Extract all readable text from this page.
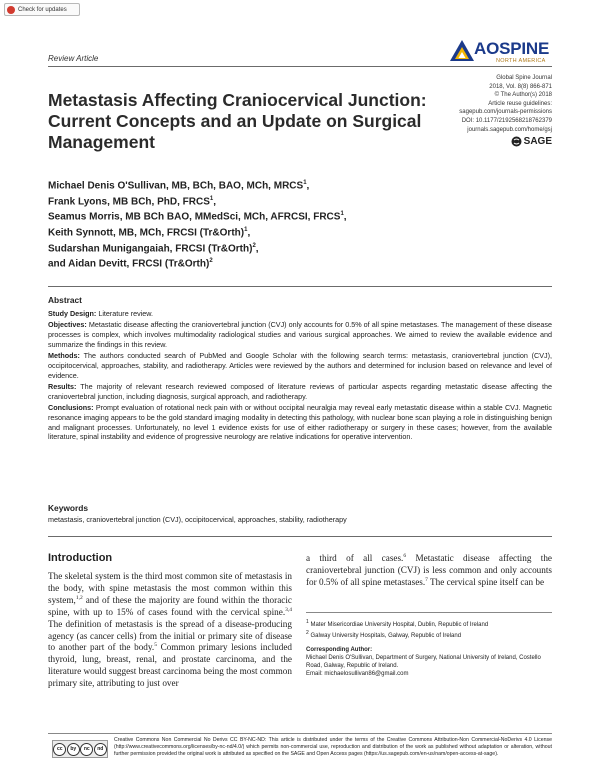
Check for updates
Review Article
AOSPINE
NORTH AMERICA
Global Spine Journal
2018, Vol. 8(8) 866-871
© The Author(s) 2018
Article reuse guidelines:
sagepub.com/journals-permissions
DOI: 10.1177/2192568218762379
journals.sagepub.com/home/gsj
SAGE
Metastasis Affecting Craniocervical Junction: Current Concepts and an Update on Surgical Management
Michael Denis O'Sullivan, MB, BCh, BAO, MCh, MRCS$^1$,
Frank Lyons, MB BCh, PhD, FRCS$^1$,
Seamus Morris, MB BCh BAO, MMedSci, MCh, AFRCSI, FRCS$^1$,
Keith Synnott, MB, MCh, FRCSI (Tr&Orth)$^1$,
Sudarshan Munigangaiah, FRCSI (Tr&Orth)$^2$,
and Aidan Devitt, FRCSI (Tr&Orth)$^2$
Abstract

Study Design: Literature review.

Objectives: Metastatic disease affecting the craniovertebral junction (CVJ) only accounts for 0.5% of all spine metastases. The management of these disease processes is complex, which involves multimodality radiological studies and various surgical approaches. We aimed to review the available evidence and summarize the findings in this review.

Methods: The authors conducted search of PubMed and Google Scholar with the following search terms: metastasis, craniovertebral junction (CVJ), occipitocervical, approaches, stability, and radiotherapy. Articles were reviewed by the authors and determined for inclusion based on relevance and level of evidence.

Results: The majority of relevant research reviewed composed of literature reviews of particular aspects regarding metastatic disease affecting the craniovertebral junction, including diagnosis, surgical approach, and radiotherapy.

Conclusions: Prompt evaluation of rotational neck pain with or without occipital neuralgia may reveal early metastatic disease within a stable CVJ. Magnetic resonance imaging appears to be the gold standard imaging modality in detecting this pathology, with nuclear bone scan playing a role in distinguishing benign and malignant processes. Unfortunately, no level 1 evidence exists for use of either radiotherapy or surgery in these cases; however, from the available literature, spinal instability and evidence of progressive neurology are relative indications for operative intervention.

Keywords
metastasis, craniovertebral junction (CVJ), occipitocervical, approaches, stability, radiotherapy
Introduction

The skeletal system is the third most common site of metastasis in the body, with spine metastasis the most common within this system,$^{1,2}$ and of these the majority are found within the thoracic spine, with up to 15% of cases found with the cervical spine.$^{3,4}$ The definition of metastasis is the spread of a disease-producing agency (as cancer cells) from the initial or primary site of disease to another part of the body.$^5$ Common primary lesions included thyroid, lung, breast, renal, and prostate carcinoma, and the literature would suggest breast carcinoma being the most common primary site, attributing to just over

a third of all cases.$^6$ Metastatic disease affecting the craniovertebral junction (CVJ) is less common and only accounts for 0.5% of all spine metastases.$^7$ The cervical spine itself can be

$^1$ Mater Misericordiae University Hospital, Dublin, Republic of Ireland
$^2$ Galway University Hospitals, Galway, Republic of Ireland
Corresponding Author:
Michael Denis O'Sullivan, Department of Surgery, National University of Ireland, Costello Road, Galway, Republic of Ireland.
Email: michaelosullivan86@gmail.com
cc	by	nc	nd
Creative Commons Non Commercial No Derivs CC BY-NC-ND: This article is distributed under the terms of the Creative Commons Attribution-Non Commercial-NoDerivs 4.0 License (http://www.creativecommons.org/licenses/by-nc-nd/4.0/) which permits non-commercial use, reproduction and distribution of the work as published without adaptation or alteration, without further permission provided the original work is attributed as specified on the SAGE and Open Access pages (https://us.sagepub.com/en-us/nam/open-access-at-sage).
